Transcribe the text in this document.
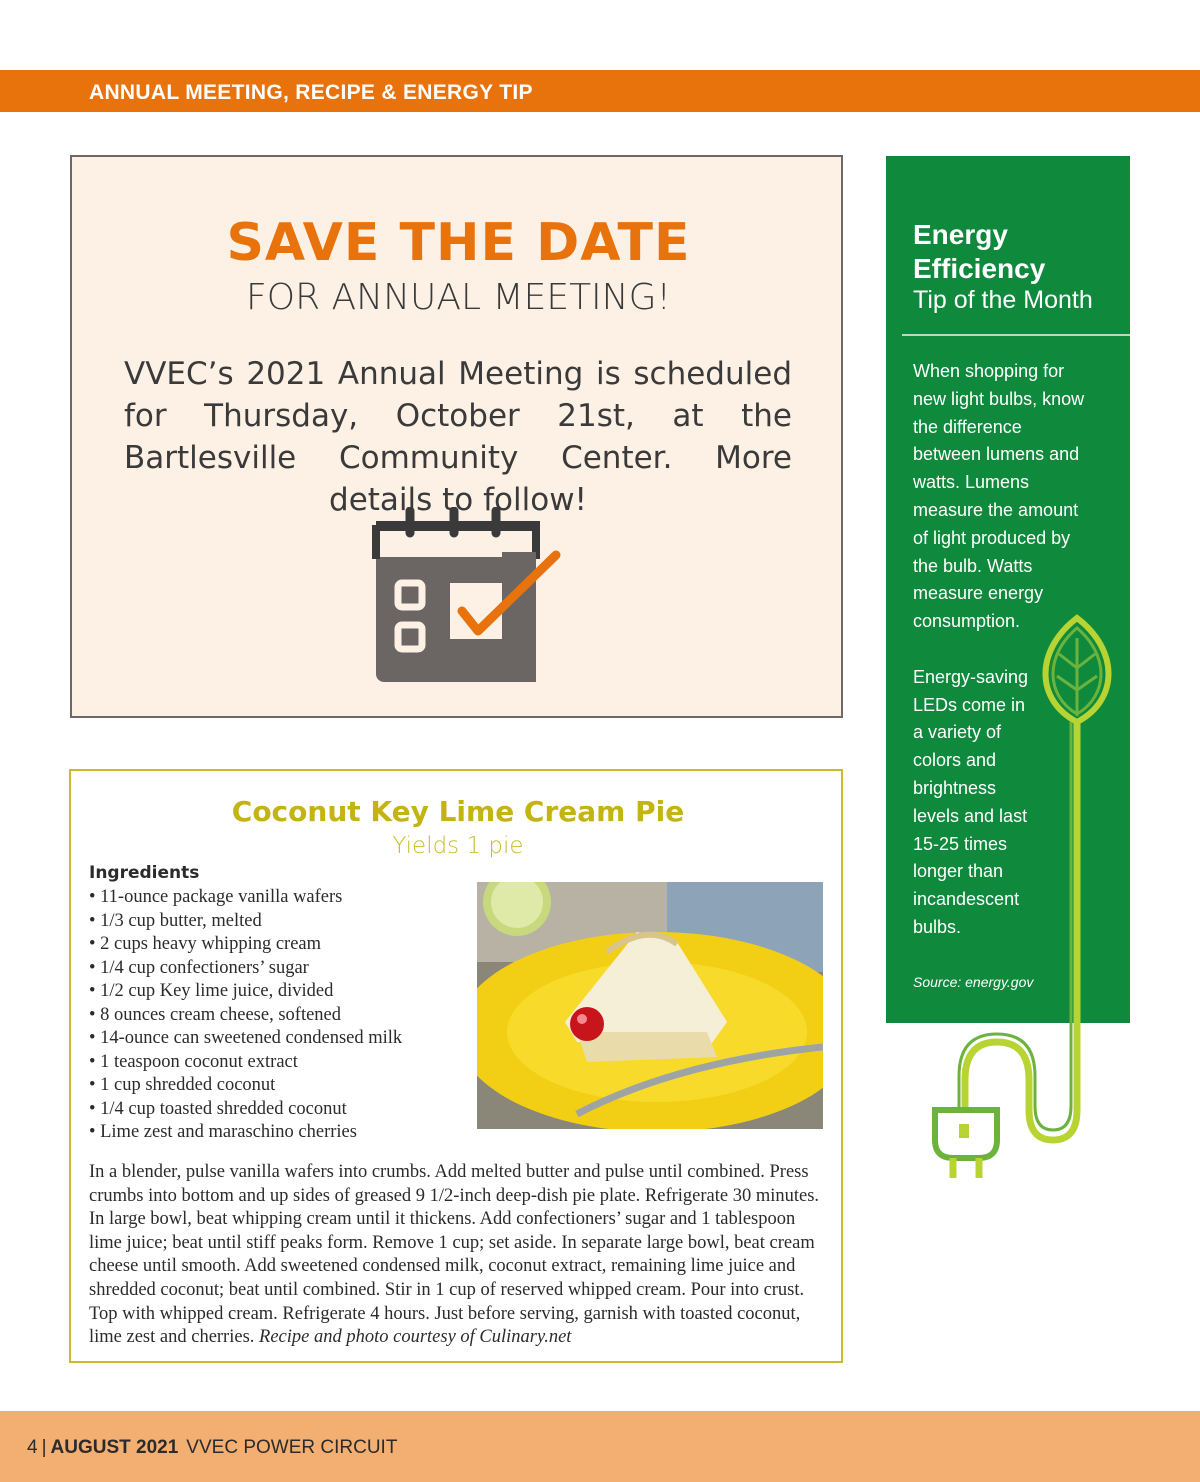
ANNUAL MEETING, RECIPE & ENERGY TIP
SAVE THE DATE
FOR ANNUAL MEETING!
VVEC’s 2021 Annual Meeting is scheduled for Thursday, October 21st, at the Bartlesville Community Center. More details to follow!
Coconut Key Lime Cream Pie
Yields 1 pie
Ingredients
• 11-ounce package vanilla wafers
• 1/3 cup butter, melted
• 2 cups heavy whipping cream
• 1/4 cup confectioners’ sugar
• 1/2 cup Key lime juice, divided
• 8 ounces cream cheese, softened
• 14-ounce can sweetened condensed milk
• 1 teaspoon coconut extract
• 1 cup shredded coconut
• 1/4 cup toasted shredded coconut
• Lime zest and maraschino cherries
In a blender, pulse vanilla wafers into crumbs. Add melted butter and pulse until combined. Press crumbs into bottom and up sides of greased 9 1/2-inch deep-dish pie plate. Refrigerate 30 minutes. In large bowl, beat whipping cream until it thickens. Add confectioners’ sugar and 1 tablespoon lime juice; beat until stiff peaks form. Remove 1 cup; set aside. In separate large bowl, beat cream cheese until smooth. Add sweetened condensed milk, coconut extract, remaining lime juice and shredded coconut; beat until combined. Stir in 1 cup of reserved whipped cream. Pour into crust. Top with whipped cream. Refrigerate 4 hours. Just before serving, garnish with toasted coconut, lime zest and cherries. Recipe and photo courtesy of Culinary.net
Energy
Efficiency
Tip of the Month

When shopping for new light bulbs, know the difference between lumens and watts. Lumens measure the amount of light produced by the bulb. Watts measure energy consumption.

Energy-saving LEDs come in a variety of colors and brightness levels and last 15-25 times longer than incandescent bulbs.

Source: energy.gov
4 | AUGUST 2021 VVEC POWER CIRCUIT
